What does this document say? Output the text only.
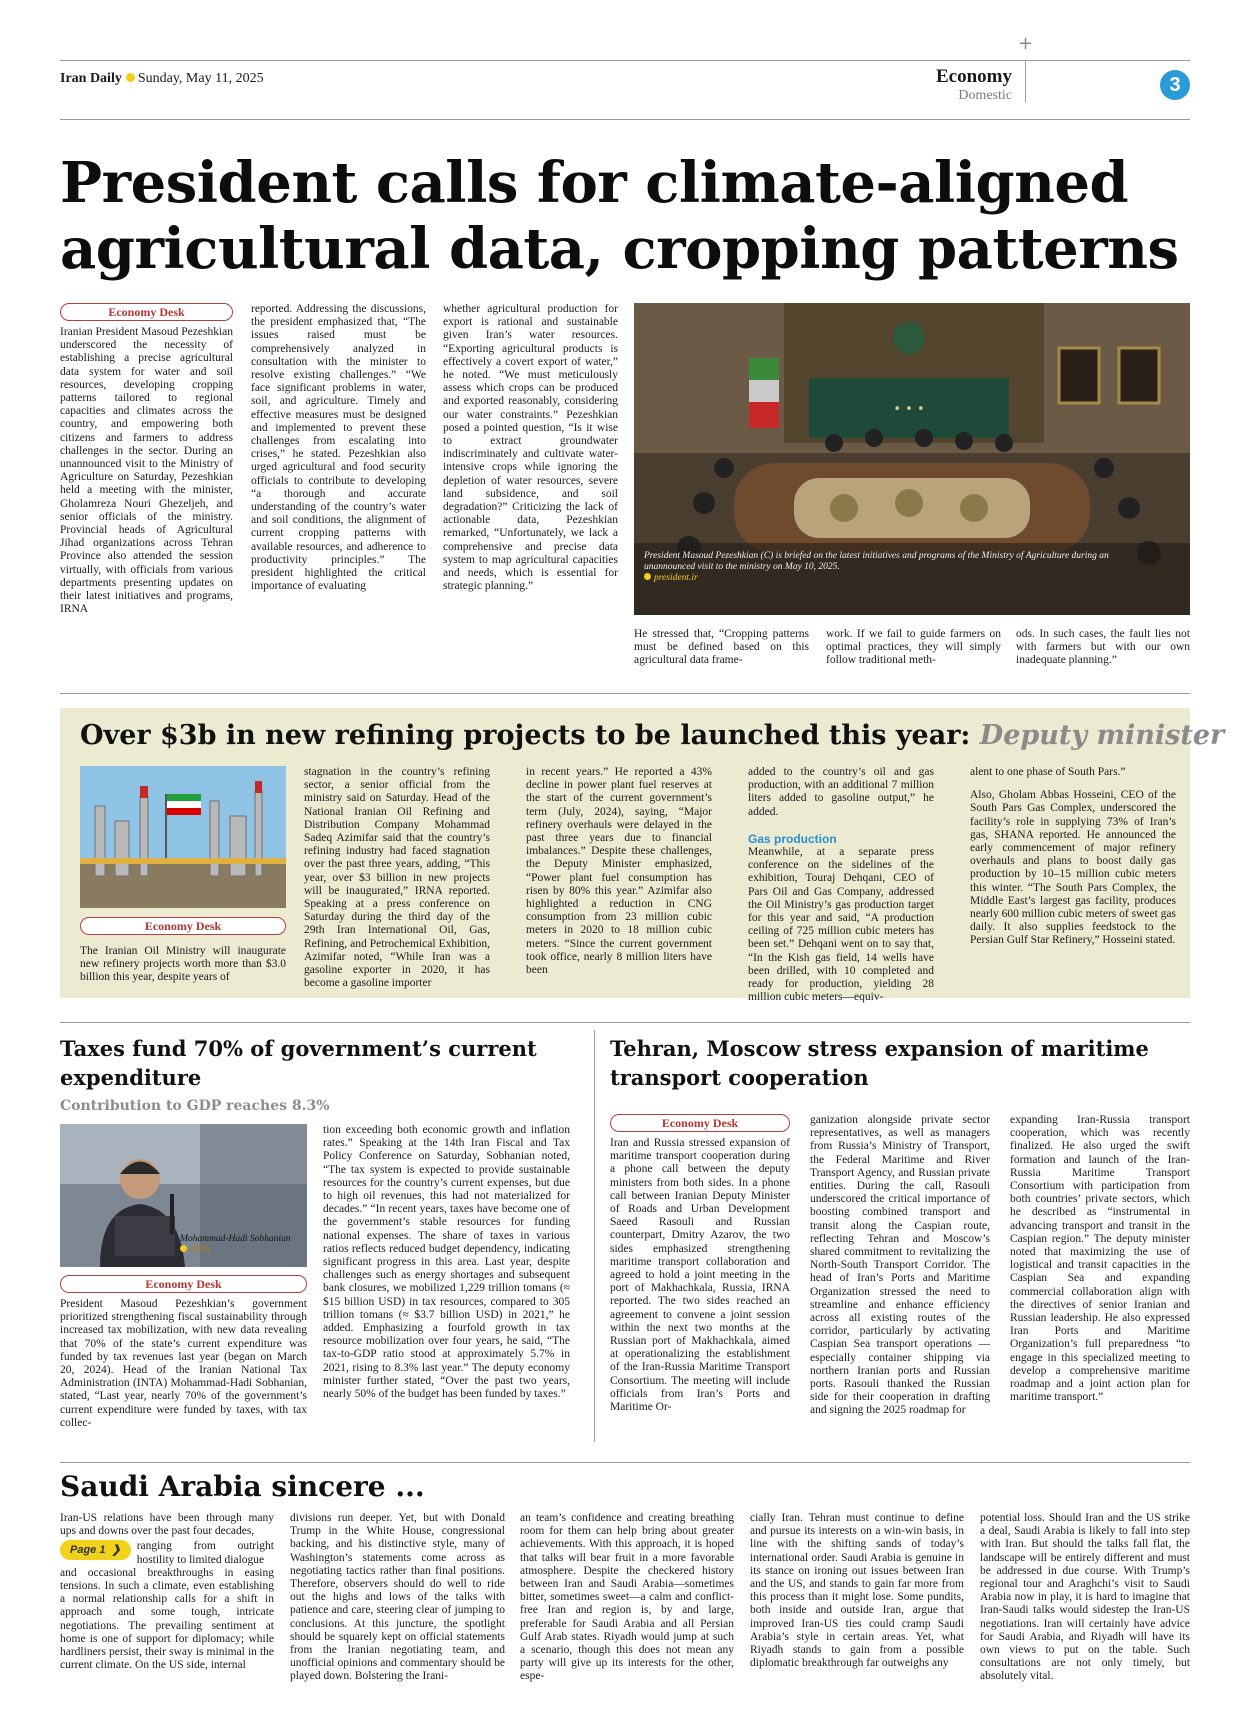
+
Iran Daily Sunday, May 11, 2025	Economy
Domestic	3
President calls for climate-aligned agricultural data, cropping patterns
Economy Desk

Iranian President Masoud Pezeshkian underscored the necessity of establishing a precise agricultural data system for water and soil resources, developing cropping patterns tailored to regional capacities and climates across the country, and empowering both citizens and farmers to address challenges in the sector. During an unannounced visit to the Ministry of Agriculture on Saturday, Pezeshkian held a meeting with the minister, Gholamreza Nouri Ghezeljeh, and senior officials of the ministry. Provincial heads of Agricultural Jihad organizations across Tehran Province also attended the session virtually, with officials from various departments presenting updates on their latest initiatives and programs, IRNA

reported. Addressing the discussions, the president emphasized that, “The issues raised must be comprehensively analyzed in consultation with the minister to resolve existing challenges.” “We face significant problems in water, soil, and agriculture. Timely and effective measures must be designed and implemented to prevent these challenges from escalating into crises,” he stated. Pezeshkian also urged agricultural and food security officials to contribute to developing “a thorough and accurate understanding of the country’s water and soil conditions, the alignment of current cropping patterns with available resources, and adherence to productivity principles.” The president highlighted the critical importance of evaluating

whether agricultural production for export is rational and sustainable given Iran’s water resources. “Exporting agricultural products is effectively a covert export of water,” he noted. “We must meticulously assess which crops can be produced and exported reasonably, considering our water constraints.” Pezeshkian posed a pointed question, “Is it wise to extract groundwater indiscriminately and cultivate water-intensive crops while ignoring the depletion of water resources, severe land subsidence, and soil degradation?” Criticizing the lack of actionable data, Pezeshkian remarked, “Unfortunately, we lack a comprehensive and precise data system to map agricultural capacities and needs, which is essential for strategic planning.”

• • •
President Masoud Pezeshkian (C) is briefed on the latest initiatives and programs of the Ministry of Agriculture during an unannounced visit to the ministry on May 10, 2025.
president.ir

He stressed that, “Cropping patterns must be defined based on this agricultural data frame-

work. If we fail to guide farmers on optimal practices, they will simply follow traditional meth-

ods. In such cases, the fault lies not with farmers but with our own inadequate planning.”

Over $3b in new refining projects to be launched this year: Deputy minister
Economy Desk

The Iranian Oil Ministry will inaugurate new refinery projects worth more than $3.0 billion this year, despite years of

stagnation in the country’s refining sector, a senior official from the ministry said on Saturday. Head of the National Iranian Oil Refining and Distribution Company Mohammad Sadeq Azimifar said that the country’s refining industry had faced stagnation over the past three years, adding, “This year, over $3 billion in new projects will be inaugurated,” IRNA reported. Speaking at a press conference on Saturday during the third day of the 29th Iran International Oil, Gas, Refining, and Petrochemical Exhibition, Azimifar noted, “While Iran was a gasoline exporter in 2020, it has become a gasoline importer

in recent years.” He reported a 43% decline in power plant fuel reserves at the start of the current government’s term (July, 2024), saying, “Major refinery overhauls were delayed in the past three years due to financial imbalances.” Despite these challenges, the Deputy Minister emphasized, “Power plant fuel consumption has risen by 80% this year.” Azimifar also highlighted a reduction in CNG consumption from 23 million cubic meters in 2020 to 18 million cubic meters. “Since the current government took office, nearly 8 million liters have been

added to the country’s oil and gas production, with an additional 7 million liters added to gasoline output,” he added.

Gas production

Meanwhile, at a separate press conference on the sidelines of the exhibition, Touraj Dehqani, CEO of Pars Oil and Gas Company, addressed the Oil Ministry’s gas production target for this year and said, “A production ceiling of 725 million cubic meters has been set.” Dehqani went on to say that, “In the Kish gas field, 14 wells have been drilled, with 10 completed and ready for production, yielding 28 million cubic meters—equiv-

alent to one phase of South Pars.”

Also, Gholam Abbas Hosseini, CEO of the South Pars Gas Complex, underscored the facility’s role in supplying 73% of Iran’s gas, SHANA reported. He announced the early commencement of major refinery overhauls and plans to boost daily gas production by 10–15 million cubic meters this winter. “The South Pars Complex, the Middle East’s largest gas facility, produces nearly 600 million cubic meters of sweet gas daily. It also supplies feedstock to the Persian Gulf Star Refinery,” Hosseini stated.

Taxes fund 70% of government’s current expenditure
Contribution to GDP reaches 8.3%
Mohammad-Hadi Sobhanian
ISNA
Economy Desk

President Masoud Pezeshkian’s government prioritized strengthening fiscal sustainability through increased tax mobilization, with new data revealing that 70% of the state’s current expenditure was funded by tax revenues last year (began on March 20, 2024). Head of the Iranian National Tax Administration (INTA) Mohammad-Hadi Sobhanian, stated, “Last year, nearly 70% of the government’s current expenditure were funded by taxes, with tax collec-

tion exceeding both economic growth and inflation rates.” Speaking at the 14th Iran Fiscal and Tax Policy Conference on Saturday, Sobhanian noted, “The tax system is expected to provide sustainable resources for the country’s current expenses, but due to high oil revenues, this had not materialized for decades.” “In recent years, taxes have become one of the government’s stable resources for funding national expenses. The share of taxes in various ratios reflects reduced budget dependency, indicating significant progress in this area. Last year, despite challenges such as energy shortages and subsequent bank closures, we mobilized 1,229 trillion tomans (≈ $15 billion USD) in tax resources, compared to 305 trillion tomans (≈ $3.7 billion USD) in 2021,” he added. Emphasizing a fourfold growth in tax resource mobilization over four years, he said, “The tax-to-GDP ratio stood at approximately 5.7% in 2021, rising to 8.3% last year.” The deputy economy minister further stated, “Over the past two years, nearly 50% of the budget has been funded by taxes.”

Tehran, Moscow stress expansion of maritime transport cooperation
Economy Desk

Iran and Russia stressed expansion of maritime transport cooperation during a phone call between the deputy ministers from both sides. In a phone call between Iranian Deputy Minister of Roads and Urban Development Saeed Rasouli and Russian counterpart, Dmitry Azarov, the two sides emphasized strengthening maritime transport collaboration and agreed to hold a joint meeting in the port of Makhachkala, Russia, IRNA reported. The two sides reached an agreement to convene a joint session within the next two months at the Russian port of Makhachkala, aimed at operationalizing the establishment of the Iran-Russia Maritime Transport Consortium. The meeting will include officials from Iran’s Ports and Maritime Or-

ganization alongside private sector representatives, as well as managers from Russia’s Ministry of Transport, the Federal Maritime and River Transport Agency, and Russian private entities. During the call, Rasouli underscored the critical importance of boosting combined transport and transit along the Caspian route, reflecting Tehran and Moscow’s shared commitment to revitalizing the North-South Transport Corridor. The head of Iran’s Ports and Maritime Organization stressed the need to streamline and enhance efficiency across all existing routes of the corridor, particularly by activating Caspian Sea transport operations — especially container shipping via northern Iranian ports and Russian ports. Rasouli thanked the Russian side for their cooperation in drafting and signing the 2025 roadmap for

expanding Iran-Russia transport cooperation, which was recently finalized. He also urged the swift formation and launch of the Iran-Russia Maritime Transport Consortium with participation from both countries’ private sectors, which he described as “instrumental in advancing transport and transit in the Caspian region.” The deputy minister noted that maximizing the use of logistical and transit capacities in the Caspian Sea and expanding commercial collaboration align with the directives of senior Iranian and Russian leadership. He also expressed Iran Ports and Maritime Organization’s full preparedness “to engage in this specialized meeting to develop a comprehensive maritime roadmap and a joint action plan for maritime transport.”

Saudi Arabia sincere ...

Iran-US relations have been through many ups and downs over the past four decades,

Page 1 ❯ ranging from outright hostility to limited dialogue

and occasional breakthroughs in easing tensions. In such a climate, even establishing a normal relationship calls for a shift in approach and some tough, intricate negotiations. The prevailing sentiment at home is one of support for diplomacy; while hardliners persist, their sway is minimal in the current climate. On the US side, internal

divisions run deeper. Yet, but with Donald Trump in the White House, congressional backing, and his distinctive style, many of Washington’s statements come across as negotiating tactics rather than final positions. Therefore, observers should do well to ride out the highs and lows of the talks with patience and care, steering clear of jumping to conclusions. At this juncture, the spotlight should be squarely kept on official statements from the Iranian negotiating team, and unofficial opinions and commentary should be played down. Bolstering the Irani-

an team’s confidence and creating breathing room for them can help bring about greater achievements. With this approach, it is hoped that talks will bear fruit in a more favorable atmosphere. Despite the checkered history between Iran and Saudi Arabia—sometimes bitter, sometimes sweet—a calm and conflict-free Iran and region is, by and large, preferable for Saudi Arabia and all Persian Gulf Arab states. Riyadh would jump at such a scenario, though this does not mean any party will give up its interests for the other, espe-

cially Iran. Tehran must continue to define and pursue its interests on a win-win basis, in line with the shifting sands of today’s international order. Saudi Arabia is genuine in its stance on ironing out issues between Iran and the US, and stands to gain far more from this process than it might lose. Some pundits, both inside and outside Iran, argue that improved Iran-US ties could cramp Saudi Arabia’s style in certain areas. Yet, what Riyadh stands to gain from a possible diplomatic breakthrough far outweighs any

potential loss. Should Iran and the US strike a deal, Saudi Arabia is likely to fall into step with Iran. But should the talks fall flat, the landscape will be entirely different and must be addressed in due course. With Trump’s regional tour and Araghchi’s visit to Saudi Arabia now in play, it is hard to imagine that Iran-Saudi talks would sidestep the Iran-US negotiations. Iran will certainly have advice for Saudi Arabia, and Riyadh will have its own views to put on the table. Such consultations are not only timely, but absolutely vital.
